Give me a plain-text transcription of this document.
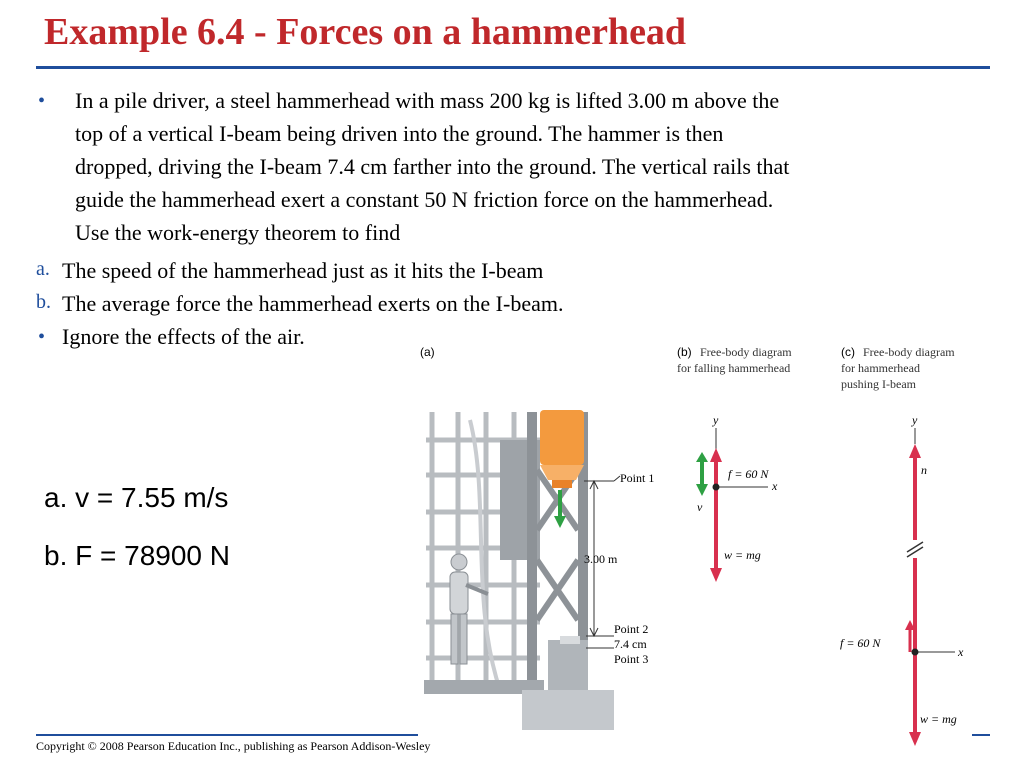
Example 6.4 - Forces on a hammerhead
• In a pile driver, a steel hammerhead with mass 200 kg is lifted 3.00 m above the
top of a vertical I-beam being driven into the ground. The hammer is then
dropped, driving the I-beam 7.4 cm farther into the ground. The vertical rails that
guide the hammerhead exert a constant 50 N friction force on the hammerhead.
Use the work-energy theorem to find
a. The speed of the hammerhead just as it hits the I-beam
b. The average force the hammerhead exerts on the I-beam.
• Ignore the effects of the air.
a. v = 7.55 m/s
b. F = 78900 N
(a)
Point 1
3.00 m
Point 2
7.4 cm
Point 3
(b) Free-body diagram
for falling hammerhead
(c) Free-body diagram
for hammerhead
pushing I-beam
y
x
f = 60 N
v
w = mg
y
n
x
f = 60 N
w = mg
Copyright © 2008 Pearson Education Inc., publishing as Pearson Addison-Wesley
